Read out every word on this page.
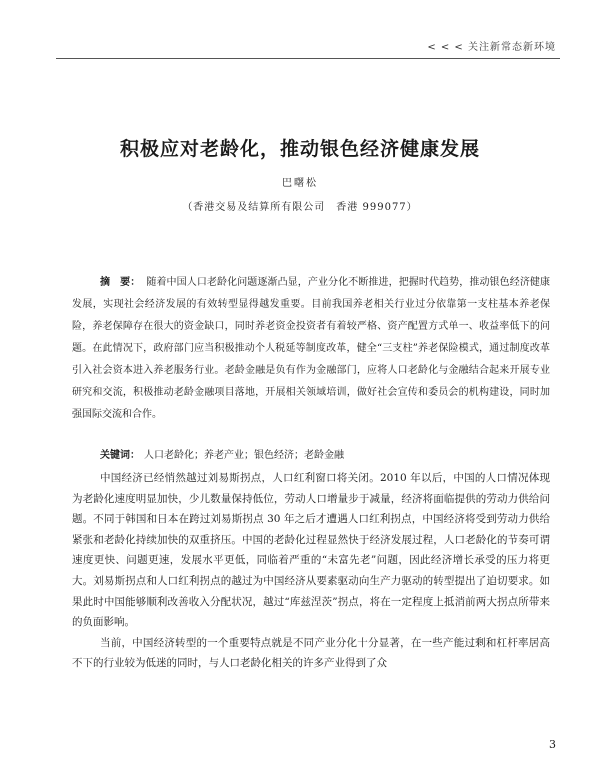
< < < 关注新常态新环境
积极应对老龄化，推动银色经济健康发展
巴曙松
（香港交易及结算所有限公司　香港 999077）
摘　要： 随着中国人口老龄化问题逐渐凸显，产业分化不断推进，把握时代趋势，推动银色经济健康发展，实现社会经济发展的有效转型显得越发重要。目前我国养老相关行业过分依靠第一支柱基本养老保险，养老保障存在很大的资金缺口，同时养老资金投资者有着较严格、资产配置方式单一、收益率低下的问题。在此情况下，政府部门应当积极推动个人税延等制度改革，健全“三支柱”养老保险模式，通过制度改革引入社会资本进入养老服务行业。老龄金融是负有作为金融部门，应将人口老龄化与金融结合起来开展专业研究和交流，积极推动老龄金融项目落地，开展相关领域培训，做好社会宣传和委员会的机构建设，同时加强国际交流和合作。
关键词： 人口老龄化；养老产业；银色经济；老龄金融

中国经济已经悄然越过刘易斯拐点，人口红利窗口将关闭。2010 年以后，中国的人口情况体现为老龄化速度明显加快，少儿数量保持低位，劳动人口增量步于减量，经济将面临提供的劳动力供给问题。不同于韩国和日本在跨过刘易斯拐点 30 年之后才遭遇人口红利拐点，中国经济将受到劳动力供给紧张和老龄化持续加快的双重挤压。中国的老龄化过程显然快于经济发展过程，人口老龄化的节奏可谓速度更快、问题更速，发展水平更低，同临着严重的“未富先老”问题，因此经济增长承受的压力将更大。刘易斯拐点和人口红利拐点的越过为中国经济从要素驱动向生产力驱动的转型提出了迫切要求。如果此时中国能够顺利改善收入分配状况，越过“库兹涅茨”拐点，将在一定程度上抵消前两大拐点所带来的负面影响。

当前，中国经济转型的一个重要特点就是不同产业分化十分显著，在一些产能过剩和杠杆率居高不下的行业较为低迷的同时，与人口老龄化相关的许多产业得到了众

3
